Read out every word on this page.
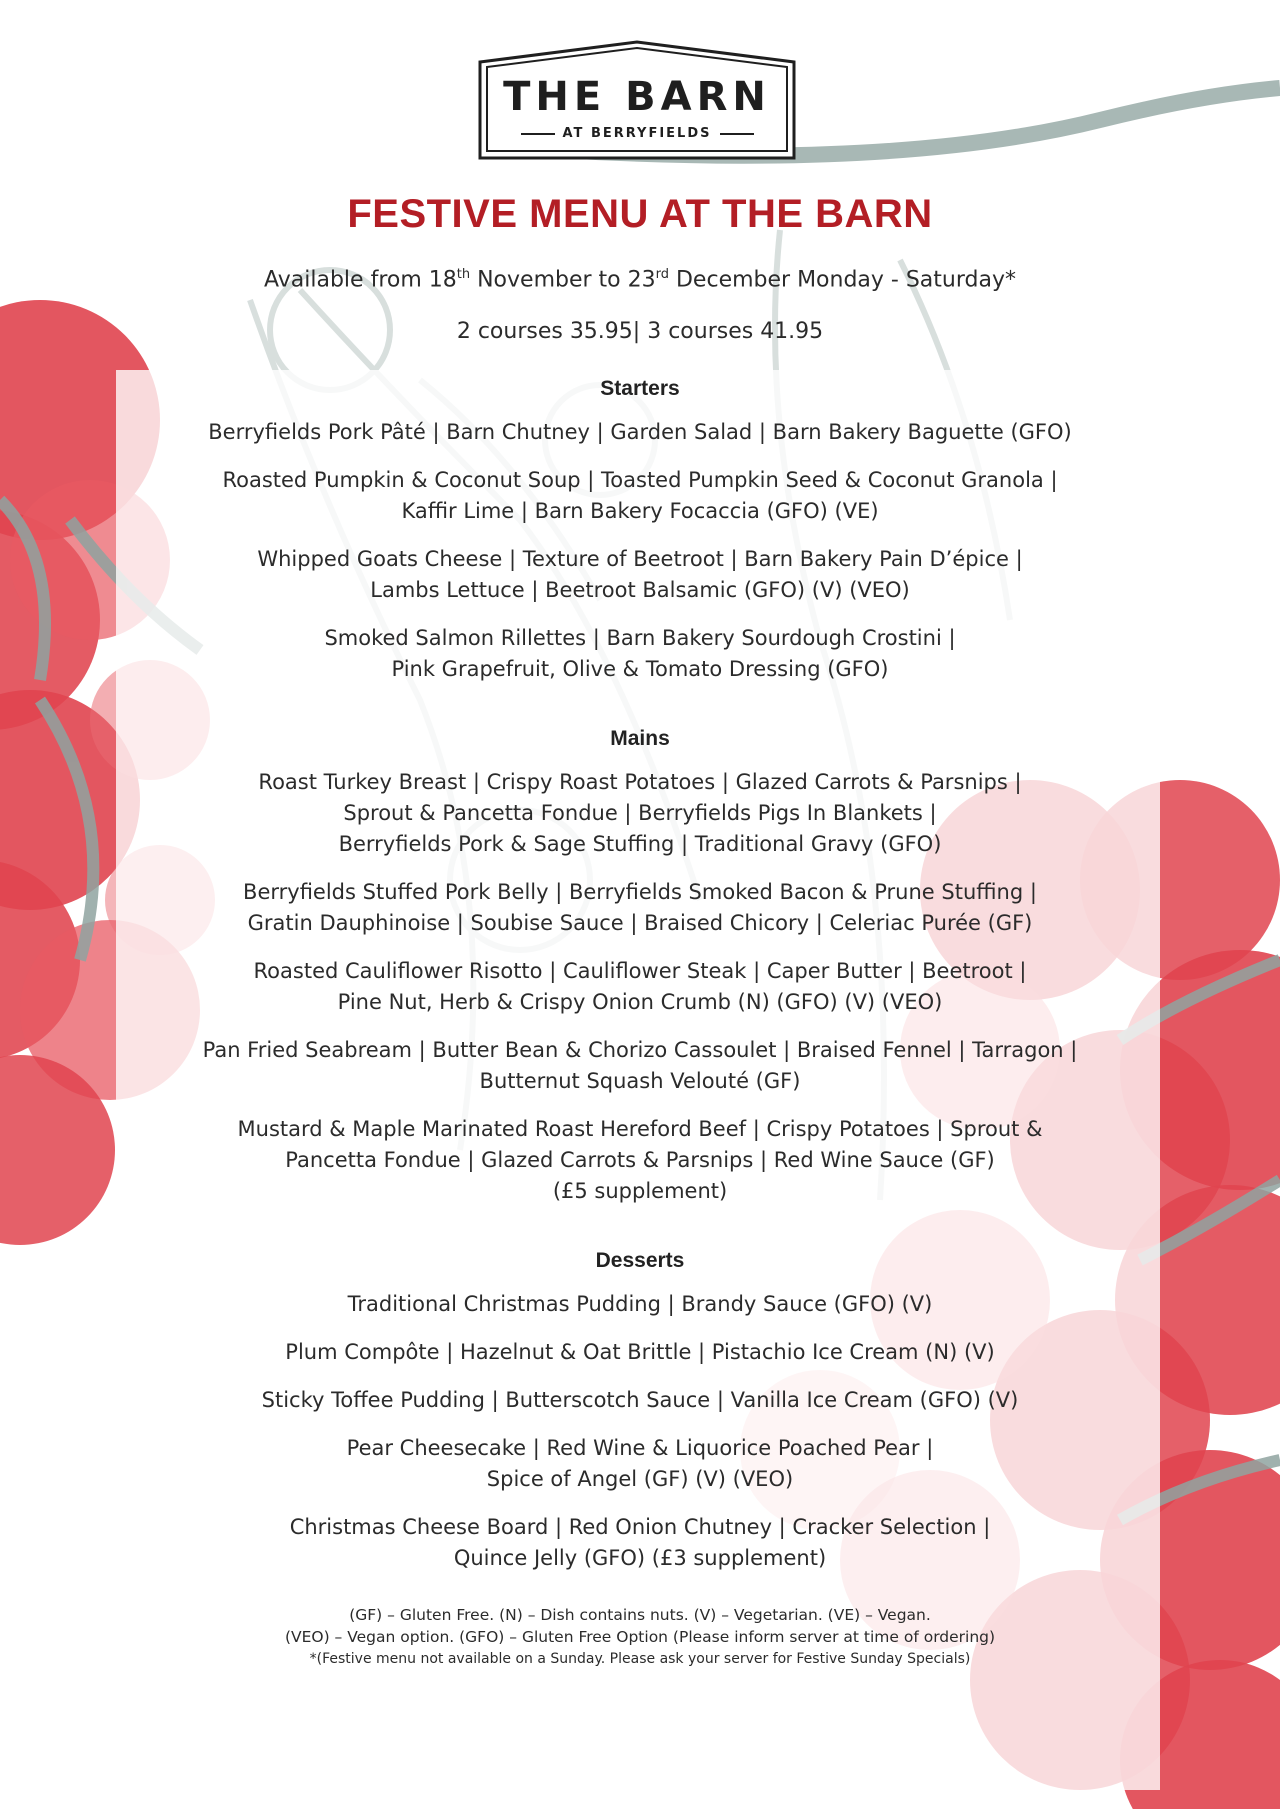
THE BARN
AT BERRYFIELDS
FESTIVE MENU AT THE BARN
Available from 18th November to 23rd December Monday - Saturday*
2 courses 35.95| 3 courses 41.95
Starters
Berryfields Pork Pâté | Barn Chutney | Garden Salad | Barn Bakery Baguette (GFO)
Roasted Pumpkin & Coconut Soup | Toasted Pumpkin Seed & Coconut Granola |
Kaffir Lime | Barn Bakery Focaccia (GFO) (VE)
Whipped Goats Cheese | Texture of Beetroot | Barn Bakery Pain D’épice |
Lambs Lettuce | Beetroot Balsamic (GFO) (V) (VEO)
Smoked Salmon Rillettes | Barn Bakery Sourdough Crostini |
Pink Grapefruit, Olive & Tomato Dressing (GFO)
Mains
Roast Turkey Breast | Crispy Roast Potatoes | Glazed Carrots & Parsnips |
Sprout & Pancetta Fondue | Berryfields Pigs In Blankets |
Berryfields Pork & Sage Stuffing | Traditional Gravy (GFO)
Berryfields Stuffed Pork Belly | Berryfields Smoked Bacon & Prune Stuffing |
Gratin Dauphinoise | Soubise Sauce | Braised Chicory | Celeriac Purée (GF)
Roasted Cauliflower Risotto | Cauliflower Steak | Caper Butter | Beetroot |
Pine Nut, Herb & Crispy Onion Crumb (N) (GFO) (V) (VEO)
Pan Fried Seabream | Butter Bean & Chorizo Cassoulet | Braised Fennel | Tarragon |
Butternut Squash Velouté (GF)
Mustard & Maple Marinated Roast Hereford Beef | Crispy Potatoes | Sprout &
Pancetta Fondue | Glazed Carrots & Parsnips | Red Wine Sauce (GF)
(£5 supplement)
Desserts
Traditional Christmas Pudding | Brandy Sauce (GFO) (V)
Plum Compôte | Hazelnut & Oat Brittle | Pistachio Ice Cream (N) (V)
Sticky Toffee Pudding | Butterscotch Sauce | Vanilla Ice Cream (GFO) (V)
Pear Cheesecake | Red Wine & Liquorice Poached Pear |
Spice of Angel (GF) (V) (VEO)
Christmas Cheese Board | Red Onion Chutney | Cracker Selection |
Quince Jelly (GFO) (£3 supplement)
(GF) – Gluten Free. (N) – Dish contains nuts. (V) – Vegetarian. (VE) – Vegan.
(VEO) – Vegan option. (GFO) – Gluten Free Option (Please inform server at time of ordering)
*(Festive menu not available on a Sunday. Please ask your server for Festive Sunday Specials)
